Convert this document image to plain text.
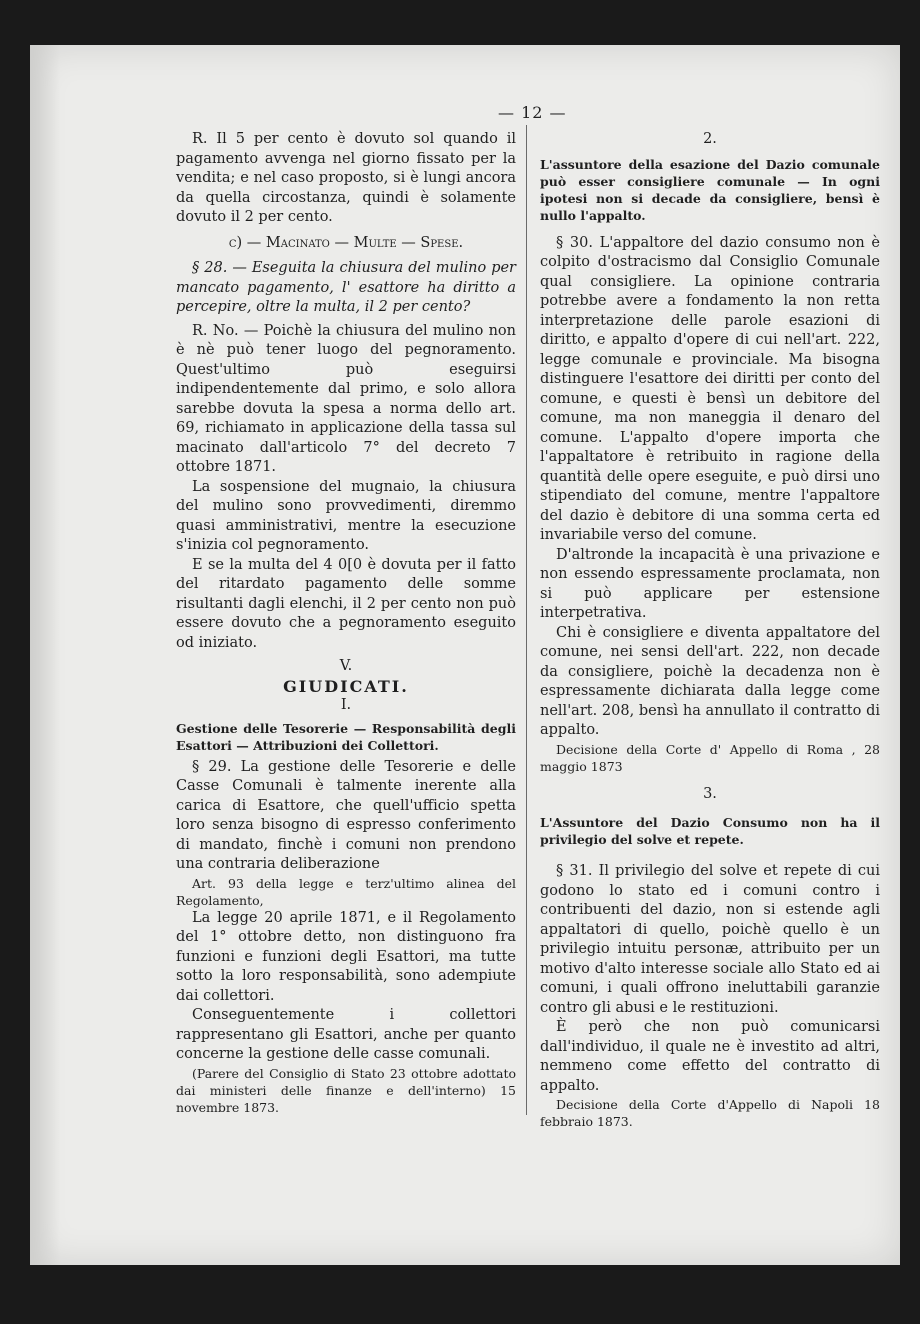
— 12 —

R. Il 5 per cento è dovuto sol quando il pagamento avvenga nel giorno fissato per la vendita; e nel caso proposto, si è lungi ancora da quella circostanza, quindi è solamente dovuto il 2 per cento.

c) — Macinato — Multe — Spese.

§ 28. — Eseguita la chiusura del mulino per mancato pagamento, l' esattore ha diritto a percepire, oltre la multa, il 2 per cento?

R. No. — Poichè la chiusura del mulino non è nè può tener luogo del pegnoramento. Quest'ultimo può eseguirsi indipendentemente dal primo, e solo allora sarebbe dovuta la spesa a norma dello art. 69, richiamato in applicazione della tassa sul macinato dall'articolo 7° del decreto 7 ottobre 1871.

La sospensione del mugnaio, la chiusura del mulino sono provvedimenti, diremmo quasi amministrativi, mentre la esecuzione s'inizia col pegnoramento.

E se la multa del 4 0[0 è dovuta per il fatto del ritardato pagamento delle somme risultanti dagli elenchi, il 2 per cento non può essere dovuto che a pegnoramento eseguito od iniziato.

V.

GIUDICATI.

I.

Gestione delle Tesorerie — Responsabilità degli Esattori — Attribuzioni dei Collettori.

§ 29. La gestione delle Tesorerie e delle Casse Comunali è talmente inerente alla carica di Esattore, che quell'ufficio spetta loro senza bisogno di espresso conferimento di mandato, finchè i comuni non prendono una contraria deliberazione

Art. 93 della legge e terz'ultimo alinea del Regolamento,

La legge 20 aprile 1871, e il Regolamento del 1° ottobre detto, non distinguono fra funzioni e funzioni degli Esattori, ma tutte sotto la loro responsabilità, sono adempiute dai collettori.

Conseguentemente i collettori rappresentano gli Esattori, anche per quanto concerne la gestione delle casse comunali.

(Parere del Consiglio di Stato 23 ottobre adottato dai ministeri delle finanze e dell'interno) 15 novembre 1873.

2.

L'assuntore della esazione del Dazio comunale può esser consigliere comunale — In ogni ipotesi non si decade da consigliere, bensì è nullo l'appalto.

§ 30. L'appaltore del dazio consumo non è colpito d'ostracismo dal Consiglio Comunale qual consigliere. La opinione contraria potrebbe avere a fondamento la non retta interpretazione delle parole esazioni di diritto, e appalto d'opere di cui nell'art. 222, legge comunale e provinciale. Ma bisogna distinguere l'esattore dei diritti per conto del comune, e questi è bensì un debitore del comune, ma non maneggia il denaro del comune. L'appalto d'opere importa che l'appaltatore è retribuito in ragione della quantità delle opere eseguite, e può dirsi uno stipendiato del comune, mentre l'appaltore del dazio è debitore di una somma certa ed invariabile verso del comune.

D'altronde la incapacità è una privazione e non essendo espressamente proclamata, non si può applicare per estensione interpetrativa.

Chi è consigliere e diventa appaltatore del comune, nei sensi dell'art. 222, non decade da consigliere, poichè la decadenza non è espressamente dichiarata dalla legge come nell'art. 208, bensì ha annullato il contratto di appalto.

Decisione della Corte d' Appello di Roma , 28 maggio 1873

3.

L'Assuntore del Dazio Consumo non ha il privilegio del solve et repete.

§ 31. Il privilegio del solve et repete di cui godono lo stato ed i comuni contro i contribuenti del dazio, non si estende agli appaltatori di quello, poichè quello è un privilegio intuitu personæ, attribuito per un motivo d'alto interesse sociale allo Stato ed ai comuni, i quali offrono ineluttabili garanzie contro gli abusi e le restituzioni.

È però che non può comunicarsi dall'individuo, il quale ne è investito ad altri, nemmeno come effetto del contratto di appalto.

Decisione della Corte d'Appello di Napoli 18 febbraio 1873.
